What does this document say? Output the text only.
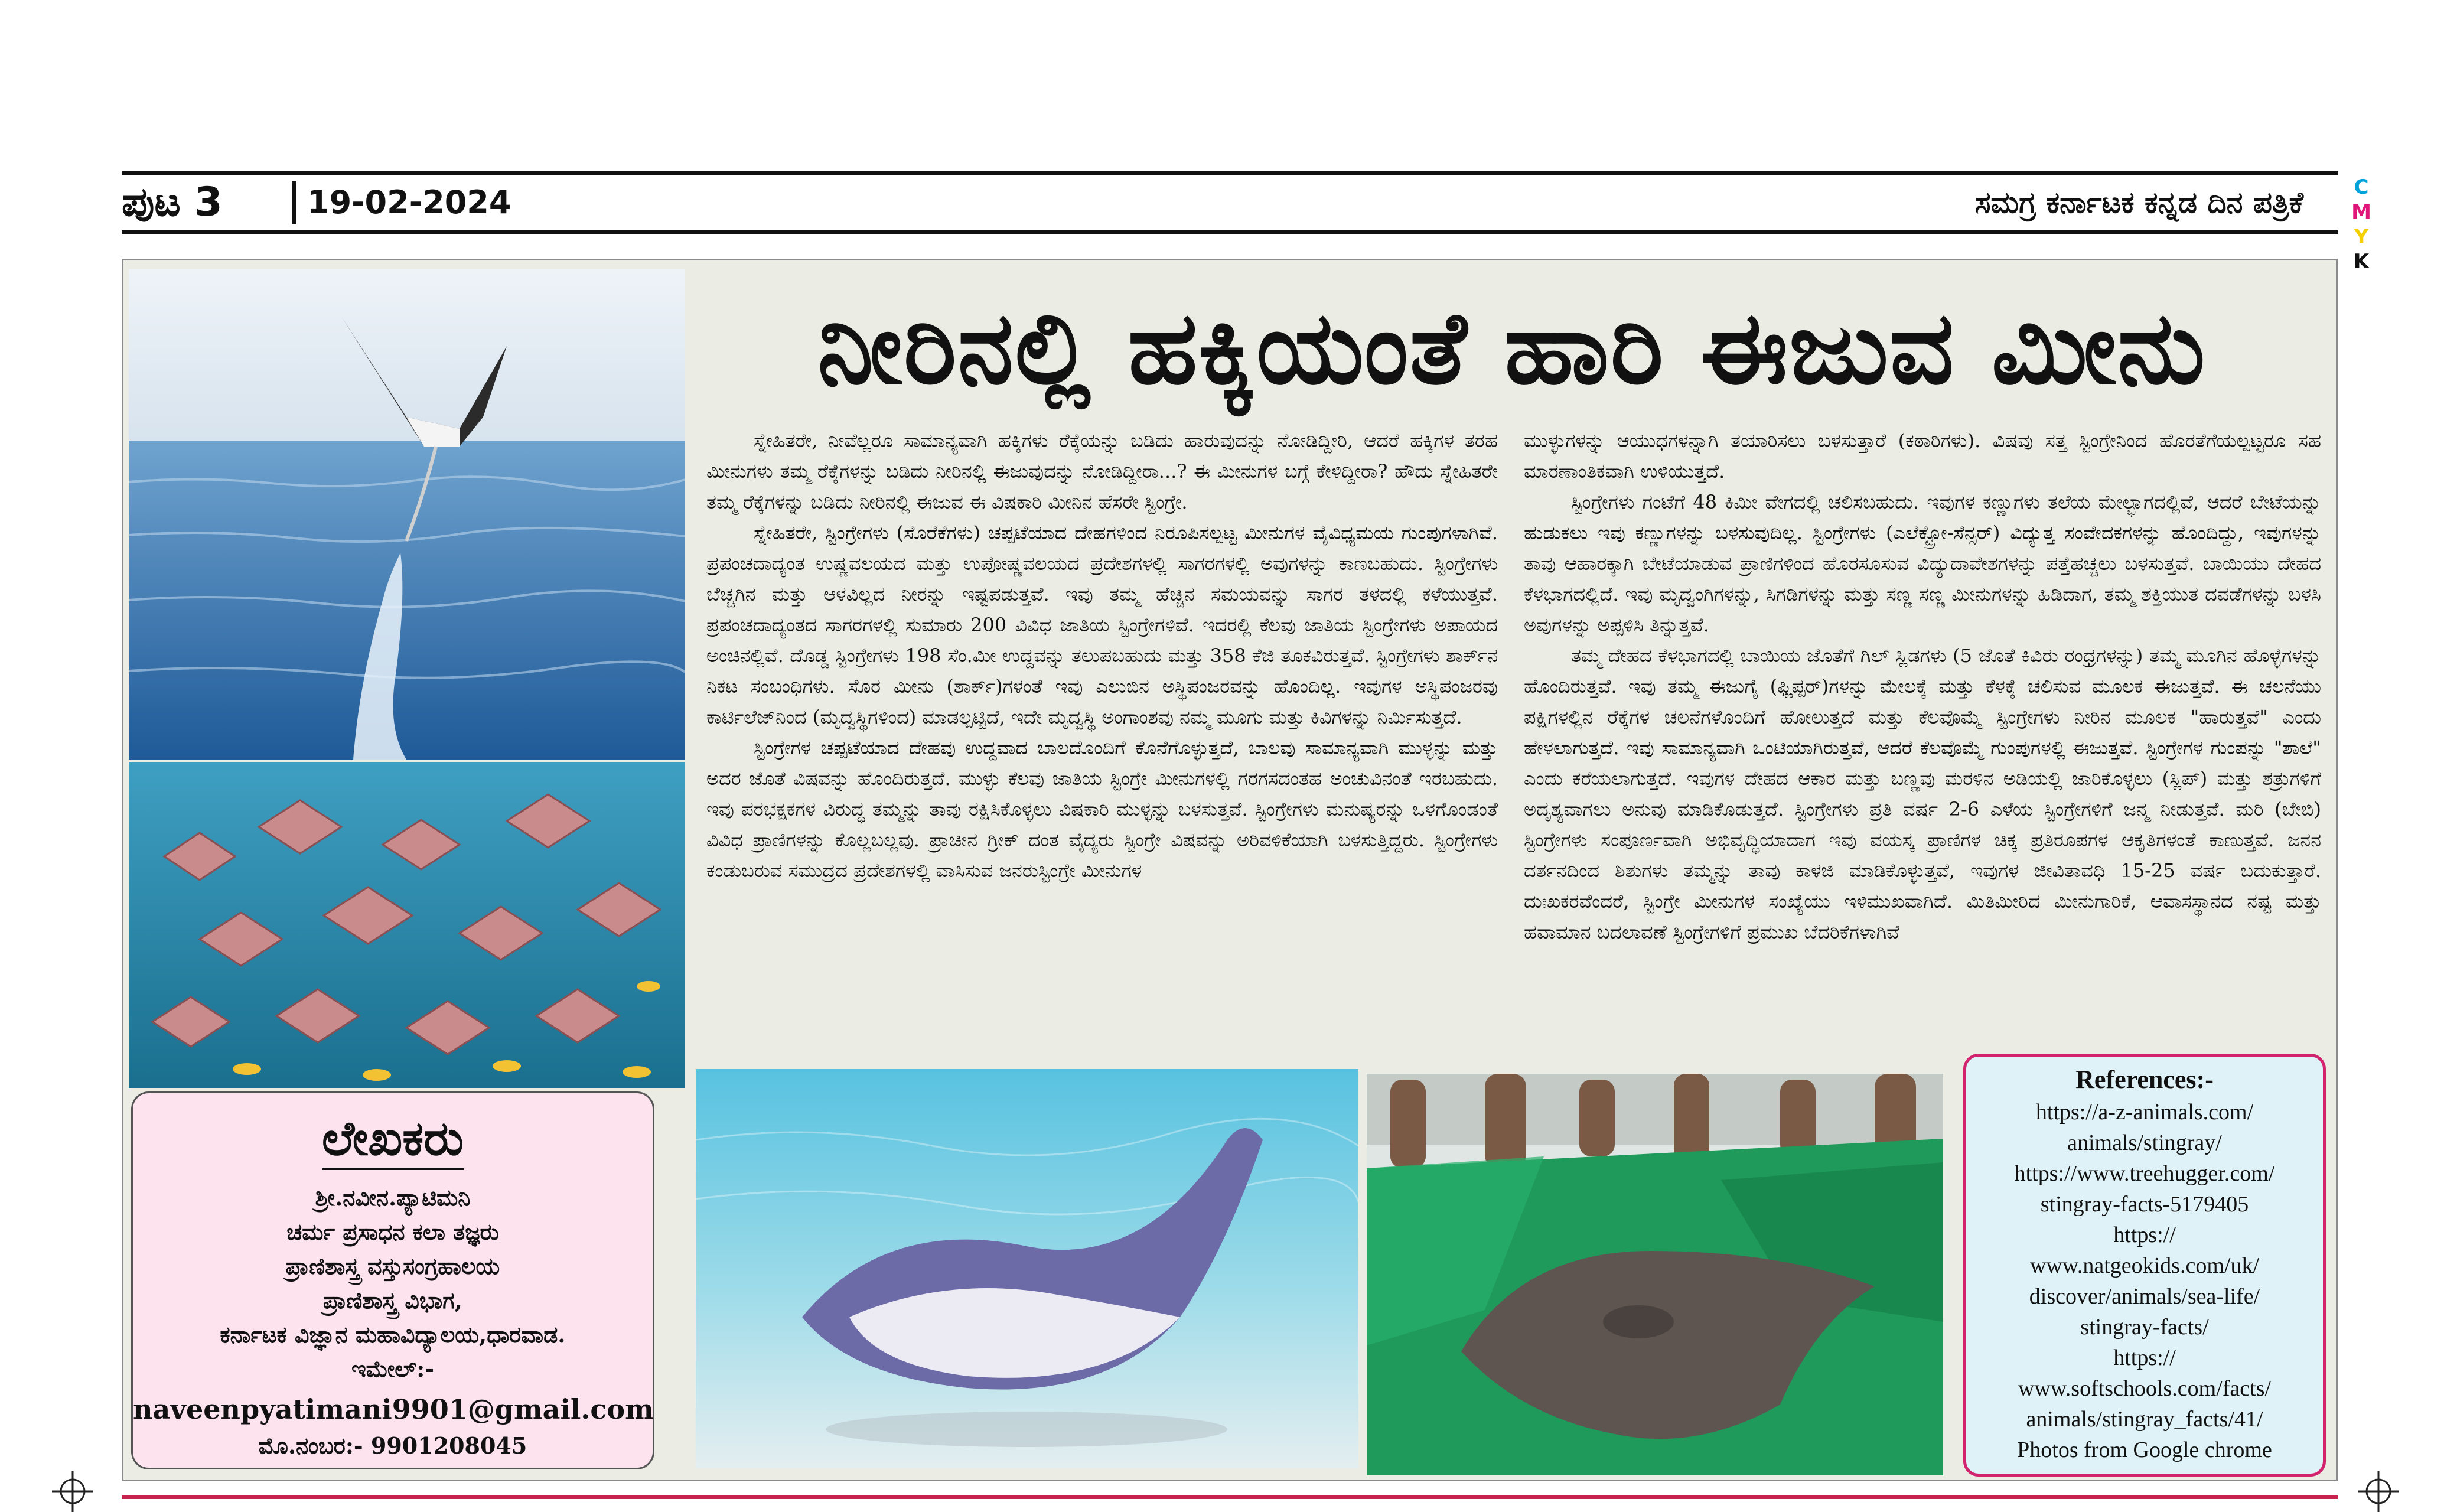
ಪುಟ 3	19-02-2024	ಸಮಗ್ರ ಕರ್ನಾಟಕ ಕನ್ನಡ ದಿನ ಪತ್ರಿಕೆ	C
M
Y
K
ನೀರಿನಲ್ಲಿ ಹಕ್ಕಿಯಂತೆ ಹಾರಿ ಈಜುವ ಮೀನು

ಸ್ನೇಹಿತರೇ, ನೀವೆಲ್ಲರೂ ಸಾಮಾನ್ಯವಾಗಿ ಹಕ್ಕಿಗಳು ರೆಕ್ಕೆಯನ್ನು ಬಡಿದು ಹಾರುವುದನ್ನು ನೋಡಿದ್ದೀರಿ, ಆದರೆ ಹಕ್ಕಿಗಳ ತರಹ ಮೀನುಗಳು ತಮ್ಮ ರೆಕ್ಕೆಗಳನ್ನು ಬಡಿದು ನೀರಿನಲ್ಲಿ ಈಜುವುದನ್ನು ನೋಡಿದ್ದೀರಾ...? ಈ ಮೀನುಗಳ ಬಗ್ಗೆ ಕೇಳಿದ್ದೀರಾ? ಹೌದು ಸ್ನೇಹಿತರೇ ತಮ್ಮ ರೆಕ್ಕೆಗಳನ್ನು ಬಡಿದು ನೀರಿನಲ್ಲಿ ಈಜುವ ಈ ವಿಷಕಾರಿ ಮೀನಿನ ಹೆಸರೇ ಸ್ಟಿಂಗ್ರೇ.

ಸ್ನೇಹಿತರೇ, ಸ್ಟಿಂಗ್ರೇಗಳು (ಸೊರೆಕೆಗಳು) ಚಪ್ಪಟೆಯಾದ ದೇಹಗಳಿಂದ ನಿರೂಪಿಸಲ್ಪಟ್ಟ ಮೀನುಗಳ ವೈವಿಧ್ಯಮಯ ಗುಂಪುಗಳಾಗಿವೆ. ಪ್ರಪಂಚದಾದ್ಯಂತ ಉಷ್ಣವಲಯದ ಮತ್ತು ಉಪೋಷ್ಣವಲಯದ ಪ್ರದೇಶಗಳಲ್ಲಿ ಸಾಗರಗಳಲ್ಲಿ ಅವುಗಳನ್ನು ಕಾಣಬಹುದು. ಸ್ಟಿಂಗ್ರೇಗಳು ಬೆಚ್ಚಗಿನ ಮತ್ತು ಆಳವಿಲ್ಲದ ನೀರನ್ನು ಇಷ್ಟಪಡುತ್ತವೆ. ಇವು ತಮ್ಮ ಹೆಚ್ಚಿನ ಸಮಯವನ್ನು ಸಾಗರ ತಳದಲ್ಲಿ ಕಳೆಯುತ್ತವೆ. ಪ್ರಪಂಚದಾದ್ಯಂತದ ಸಾಗರಗಳಲ್ಲಿ ಸುಮಾರು 200 ವಿವಿಧ ಜಾತಿಯ ಸ್ಟಿಂಗ್ರೇಗಳಿವೆ. ಇದರಲ್ಲಿ ಕೆಲವು ಜಾತಿಯ ಸ್ಟಿಂಗ್ರೇಗಳು ಅಪಾಯದ ಅಂಚಿನಲ್ಲಿವೆ. ದೊಡ್ಡ ಸ್ಟಿಂಗ್ರೇಗಳು 198 ಸೆಂ.ಮೀ ಉದ್ದವನ್ನು ತಲುಪಬಹುದು ಮತ್ತು 358 ಕೆಜಿ ತೂಕವಿರುತ್ತವೆ. ಸ್ಟಿಂಗ್ರೇಗಳು ಶಾರ್ಕ್‌ನ ನಿಕಟ ಸಂಬಂಧಿಗಳು. ಸೊರ ಮೀನು (ಶಾರ್ಕ್)ಗಳಂತೆ ಇವು ಎಲುಬಿನ ಅಸ್ಥಿಪಂಜರವನ್ನು ಹೊಂದಿಲ್ಲ. ಇವುಗಳ ಅಸ್ಥಿಪಂಜರವು ಕಾರ್ಟಿಲೆಜ್‌ನಿಂದ (ಮೃದ್ವಸ್ಥಿಗಳಿಂದ) ಮಾಡಲ್ಪಟ್ಟಿದೆ, ಇದೇ ಮೃದ್ವಸ್ಥಿ ಅಂಗಾಂಶವು ನಮ್ಮ ಮೂಗು ಮತ್ತು ಕಿವಿಗಳನ್ನು ನಿರ್ಮಿಸುತ್ತದೆ.

ಸ್ಟಿಂಗ್ರೇಗಳ ಚಪ್ಪಟೆಯಾದ ದೇಹವು ಉದ್ದವಾದ ಬಾಲದೊಂದಿಗೆ ಕೊನೆಗೊಳ್ಳುತ್ತದೆ, ಬಾಲವು ಸಾಮಾನ್ಯವಾಗಿ ಮುಳ್ಳನ್ನು ಮತ್ತು ಅದರ ಜೊತೆ ವಿಷವನ್ನು ಹೊಂದಿರುತ್ತದೆ. ಮುಳ್ಳು ಕೆಲವು ಜಾತಿಯ ಸ್ಟಿಂಗ್ರೇ ಮೀನುಗಳಲ್ಲಿ ಗರಗಸದಂತಹ ಅಂಚುವಿನಂತೆ ಇರಬಹುದು. ಇವು ಪರಭಕ್ಷಕಗಳ ವಿರುದ್ಧ ತಮ್ಮನ್ನು ತಾವು ರಕ್ಷಿಸಿಕೊಳ್ಳಲು ವಿಷಕಾರಿ ಮುಳ್ಳನ್ನು ಬಳಸುತ್ತವೆ. ಸ್ಟಿಂಗ್ರೇಗಳು ಮನುಷ್ಯರನ್ನು ಒಳಗೊಂಡಂತೆ ವಿವಿಧ ಪ್ರಾಣಿಗಳನ್ನು ಕೊಲ್ಲಬಲ್ಲವು. ಪ್ರಾಚೀನ ಗ್ರೀಕ್ ದಂತ ವೈದ್ಯರು ಸ್ಟಿಂಗ್ರೇ ವಿಷವನ್ನು ಅರಿವಳಿಕೆಯಾಗಿ ಬಳಸುತ್ತಿದ್ದರು. ಸ್ಟಿಂಗ್ರೇಗಳು ಕಂಡುಬರುವ ಸಮುದ್ರದ ಪ್ರದೇಶಗಳಲ್ಲಿ ವಾಸಿಸುವ ಜನರುಸ್ಟಿಂಗ್ರೇ ಮೀನುಗಳ

ಮುಳ್ಳುಗಳನ್ನು ಆಯುಧಗಳನ್ನಾಗಿ ತಯಾರಿಸಲು ಬಳಸುತ್ತಾರೆ (ಕಠಾರಿಗಳು). ವಿಷವು ಸತ್ತ ಸ್ಟಿಂಗ್ರೇನಿಂದ ಹೊರತೆಗೆಯಲ್ಪಟ್ಟರೂ ಸಹ ಮಾರಣಾಂತಿಕವಾಗಿ ಉಳಿಯುತ್ತದೆ.

ಸ್ಟಿಂಗ್ರೇಗಳು ಗಂಟೆಗೆ 48 ಕಿಮೀ ವೇಗದಲ್ಲಿ ಚಲಿಸಬಹುದು. ಇವುಗಳ ಕಣ್ಣುಗಳು ತಲೆಯ ಮೇಲ್ಭಾಗದಲ್ಲಿವೆ, ಆದರೆ ಬೇಟೆಯನ್ನು ಹುಡುಕಲು ಇವು ಕಣ್ಣುಗಳನ್ನು ಬಳಸುವುದಿಲ್ಲ. ಸ್ಟಿಂಗ್ರೇಗಳು (ಎಲೆಕ್ಟ್ರೋ-ಸೆನ್ಸರ್) ವಿದ್ಯುತ್ತ ಸಂವೇದಕಗಳನ್ನು ಹೊಂದಿದ್ದು, ಇವುಗಳನ್ನು ತಾವು ಆಹಾರಕ್ಕಾಗಿ ಬೇಟೆಯಾಡುವ ಪ್ರಾಣಿಗಳಿಂದ ಹೊರಸೂಸುವ ವಿದ್ಯುದಾವೇಶಗಳನ್ನು ಪತ್ತೆಹಚ್ಚಲು ಬಳಸುತ್ತವೆ. ಬಾಯಿಯು ದೇಹದ ಕೆಳಭಾಗದಲ್ಲಿದೆ. ಇವು ಮೃದ್ವಂಗಿಗಳನ್ನು, ಸಿಗಡಿಗಳನ್ನು ಮತ್ತು ಸಣ್ಣ ಸಣ್ಣ ಮೀನುಗಳನ್ನು ಹಿಡಿದಾಗ, ತಮ್ಮ ಶಕ್ತಿಯುತ ದವಡೆಗಳನ್ನು ಬಳಸಿ ಅವುಗಳನ್ನು ಅಪ್ಪಳಿಸಿ ತಿನ್ನುತ್ತವೆ.

ತಮ್ಮ ದೇಹದ ಕೆಳಭಾಗದಲ್ಲಿ ಬಾಯಿಯ ಜೊತೆಗೆ ಗಿಲ್ ಸ್ಲಿಡಗಳು (5 ಜೊತೆ ಕಿವಿರು ರಂಧ್ರಗಳನ್ನು) ತಮ್ಮ ಮೂಗಿನ ಹೊಳ್ಳೆಗಳನ್ನು ಹೊಂದಿರುತ್ತವೆ. ಇವು ತಮ್ಮ ಈಜುಗೈ (ಫ್ಲಿಪ್ಪರ್)ಗಳನ್ನು ಮೇಲಕ್ಕೆ ಮತ್ತು ಕೆಳಕ್ಕೆ ಚಲಿಸುವ ಮೂಲಕ ಈಜುತ್ತವೆ. ಈ ಚಲನೆಯು ಪಕ್ಷಿಗಳಲ್ಲಿನ ರೆಕ್ಕೆಗಳ ಚಲನೆಗಳೊಂದಿಗೆ ಹೋಲುತ್ತದೆ ಮತ್ತು ಕೆಲವೊಮ್ಮೆ ಸ್ಟಿಂಗ್ರೇಗಳು ನೀರಿನ ಮೂಲಕ "ಹಾರುತ್ತವೆ" ಎಂದು ಹೇಳಲಾಗುತ್ತದೆ. ಇವು ಸಾಮಾನ್ಯವಾಗಿ ಒಂಟಿಯಾಗಿರುತ್ತವೆ, ಆದರೆ ಕೆಲವೊಮ್ಮೆ ಗುಂಪುಗಳಲ್ಲಿ ಈಜುತ್ತವೆ. ಸ್ಟಿಂಗ್ರೇಗಳ ಗುಂಪನ್ನು "ಶಾಲೆ" ಎಂದು ಕರೆಯಲಾಗುತ್ತದೆ. ಇವುಗಳ ದೇಹದ ಆಕಾರ ಮತ್ತು ಬಣ್ಣವು ಮರಳಿನ ಅಡಿಯಲ್ಲಿ ಜಾರಿಕೊಳ್ಳಲು (ಸ್ಲಿಪ್) ಮತ್ತು ಶತ್ರುಗಳಿಗೆ ಅದೃಶ್ಯವಾಗಲು ಅನುವು ಮಾಡಿಕೊಡುತ್ತದೆ. ಸ್ಟಿಂಗ್ರೇಗಳು ಪ್ರತಿ ವರ್ಷ 2-6 ಎಳೆಯ ಸ್ಟಿಂಗ್ರೇಗಳಿಗೆ ಜನ್ಮ ನೀಡುತ್ತವೆ. ಮರಿ (ಬೇಬಿ) ಸ್ಟಿಂಗ್ರೇಗಳು ಸಂಪೂರ್ಣವಾಗಿ ಅಭಿವೃದ್ಧಿಯಾದಾಗ ಇವು ವಯಸ್ಕ ಪ್ರಾಣಿಗಳ ಚಿಕ್ಕ ಪ್ರತಿರೂಪಗಳ ಆಕೃತಿಗಳಂತೆ ಕಾಣುತ್ತವೆ. ಜನನ ದರ್ಶನದಿಂದ ಶಿಶುಗಳು ತಮ್ಮನ್ನು ತಾವು ಕಾಳಜಿ ಮಾಡಿಕೊಳ್ಳುತ್ತವೆ, ಇವುಗಳ ಜೀವಿತಾವಧಿ 15-25 ವರ್ಷ ಬದುಕುತ್ತಾರೆ. ದುಃಖಕರವೆಂದರೆ, ಸ್ಟಿಂಗ್ರೇ ಮೀನುಗಳ ಸಂಖ್ಯೆಯು ಇಳಿಮುಖವಾಗಿದೆ. ಮಿತಿಮೀರಿದ ಮೀನುಗಾರಿಕೆ, ಆವಾಸಸ್ಥಾನದ ನಷ್ಟ ಮತ್ತು ಹವಾಮಾನ ಬದಲಾವಣೆ ಸ್ಟಿಂಗ್ರೇಗಳಿಗೆ ಪ್ರಮುಖ ಬೆದರಿಕೆಗಳಾಗಿವೆ

ಲೇಖಕರು
ಶ್ರೀ.ನವೀನ.ಪ್ಯಾಟಿಮನಿ
ಚರ್ಮ ಪ್ರಸಾಧನ ಕಲಾ ತಜ್ಞರು
ಪ್ರಾಣಿಶಾಸ್ತ್ರ ವಸ್ತುಸಂಗ್ರಹಾಲಯ
ಪ್ರಾಣಿಶಾಸ್ತ್ರ ವಿಭಾಗ,
ಕರ್ನಾಟಕ ವಿಜ್ಞಾನ ಮಹಾವಿದ್ಯಾಲಯ,ಧಾರವಾಡ.
ಇಮೇಲ್:-
naveenpyatimani9901@gmail.com
ಮೊ.ನಂಬರ:- 9901208045
References:-
https://a-z-animals.com/
animals/stingray/
https://www.treehugger.com/
stingray-facts-5179405
https://
www.natgeokids.com/uk/
discover/animals/sea-life/
stingray-facts/
https://
www.softschools.com/facts/
animals/stingray_facts/41/
Photos from Google chrome
